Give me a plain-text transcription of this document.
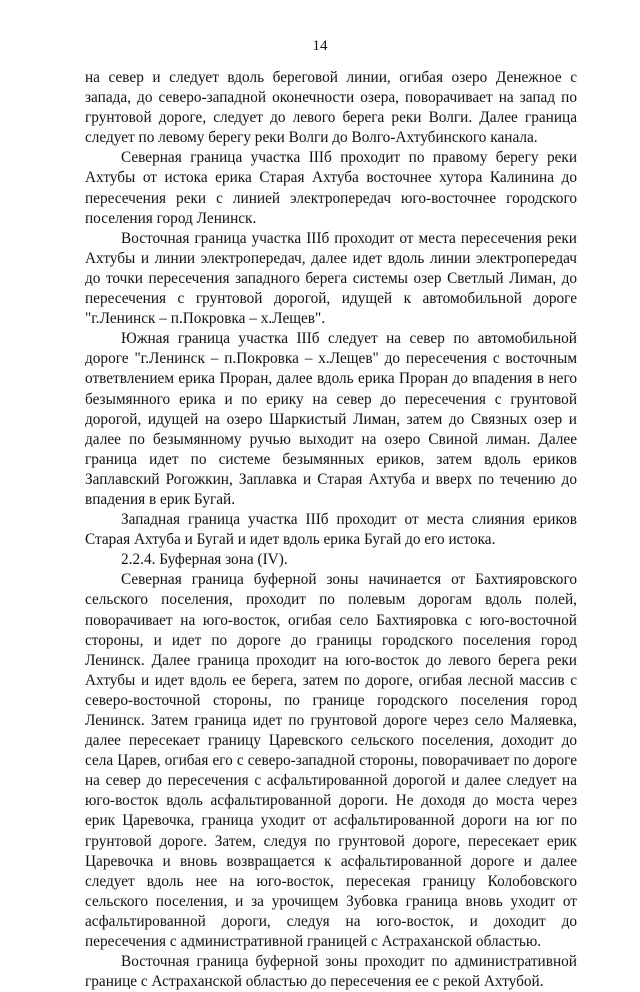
14

на север и следует вдоль береговой линии, огибая озеро Денежное с запада, до северо-западной оконечности озера, поворачивает на запад по грунтовой дороге, следует до левого берега реки Волги. Далее граница следует по левому берегу реки Волги до Волго-Ахтубинского канала.

Северная граница участка IIIб проходит по правому берегу реки Ахтубы от истока ерика Старая Ахтуба восточнее хутора Калинина до пересечения реки с линией электропередач юго-восточнее городского поселения город Ленинск.

Восточная граница участка IIIб проходит от места пересечения реки Ахтубы и линии электропередач, далее идет вдоль линии электропередач до точки пересечения западного берега системы озер Светлый Лиман, до пересечения с грунтовой дорогой, идущей к автомобильной дороге "г.Ленинск – п.Покровка – х.Лещев".

Южная граница участка IIIб следует на север по автомобильной дороге "г.Ленинск – п.Покровка – х.Лещев" до пересечения с восточным ответвлением ерика Проран, далее вдоль ерика Проран до впадения в него безымянного ерика и по ерику на север до пересечения с грунтовой дорогой, идущей на озеро Шаркистый Лиман, затем до Связных озер и далее по безымянному ручью выходит на озеро Свиной лиман. Далее граница идет по системе безымянных ериков, затем вдоль ериков Заплавский Рогожкин, Заплавка и Старая Ахтуба и вверх по течению до впадения в ерик Бугай.

Западная граница участка IIIб проходит от места слияния ериков Старая Ахтуба и Бугай и идет вдоль ерика Бугай до его истока.

2.2.4. Буферная зона (IV).

Северная граница буферной зоны начинается от Бахтияровского сельского поселения, проходит по полевым дорогам вдоль полей, поворачивает на юго-восток, огибая село Бахтияровка с юго-восточной стороны, и идет по дороге до границы городского поселения город Ленинск. Далее граница проходит на юго-восток до левого берега реки Ахтубы и идет вдоль ее берега, затем по дороге, огибая лесной массив с северо-восточной стороны, по границе городского поселения город Ленинск. Затем граница идет по грунтовой дороге через село Маляевка, далее пересекает границу Царевского сельского поселения, доходит до села Царев, огибая его с северо-западной стороны, поворачивает по дороге на север до пересечения с асфальтированной дорогой и далее следует на юго-восток вдоль асфальтированной дороги. Не доходя до моста через ерик Царевочка, граница уходит от асфальтированной дороги на юг по грунтовой дороге. Затем, следуя по грунтовой дороге, пересекает ерик Царевочка и вновь возвращается к асфальтированной дороге и далее следует вдоль нее на юго-восток, пересекая границу Колобовского сельского поселения, и за урочищем Зубовка граница вновь уходит от асфальтированной дороги, следуя на юго-восток, и доходит до пересечения с административной границей с Астраханской областью.

Восточная граница буферной зоны проходит по административной границе с Астраханской областью до пересечения ее с рекой Ахтубой.
